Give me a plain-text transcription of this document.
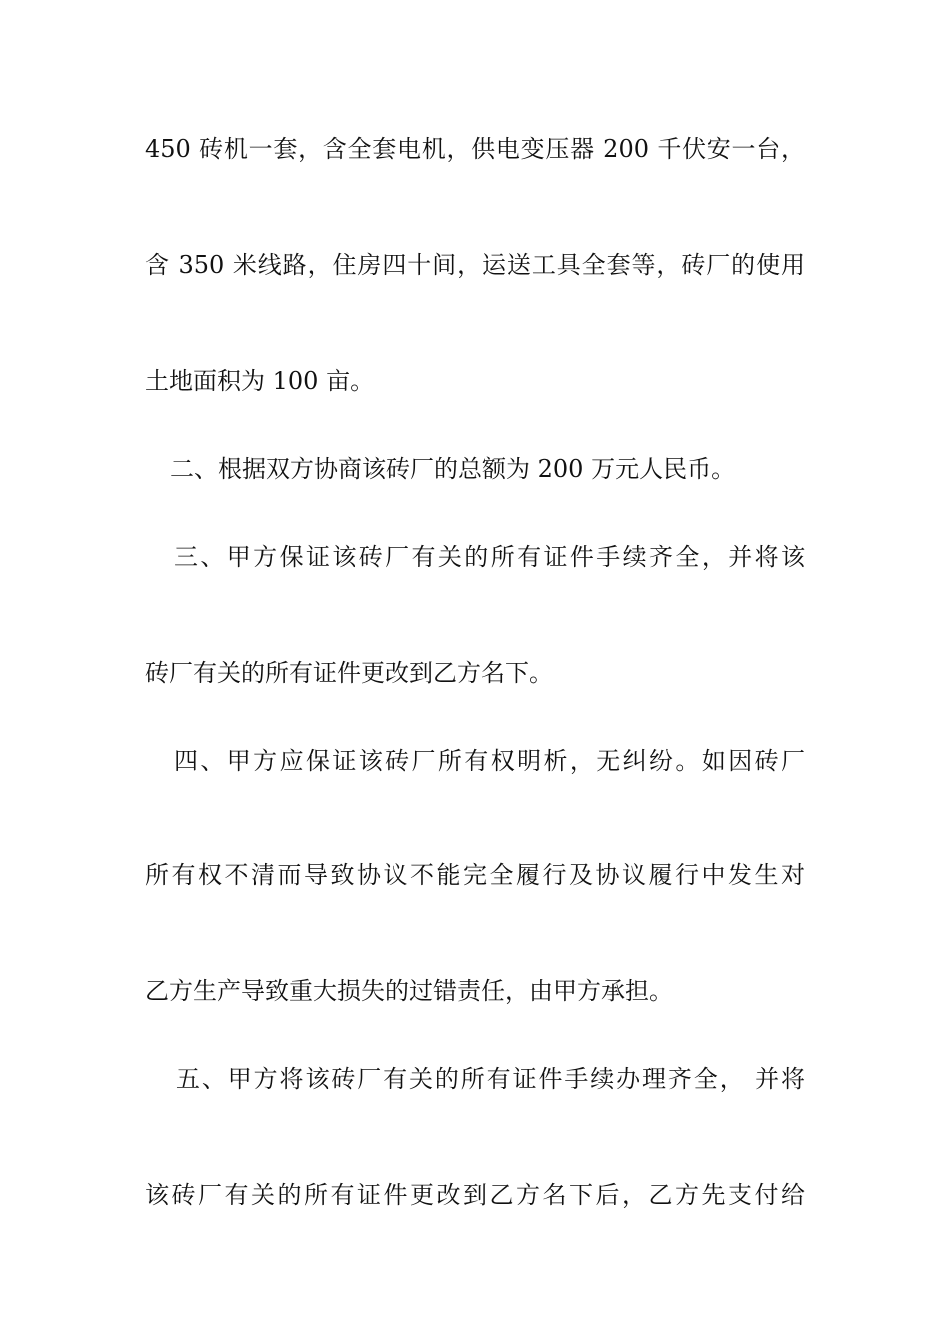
450 砖机一套，含全套电机，供电变压器 200 千伏安一台，
含 350 米线路，住房四十间，运送工具全套等，砖厂的使用
土地面积为 100 亩。
二、根据双方协商该砖厂的总额为 200 万元人民币。
三、甲方保证该砖厂有关的所有证件手续齐全，并将该
砖厂有关的所有证件更改到乙方名下。
四、甲方应保证该砖厂所有权明析，无纠纷。如因砖厂
所有权不清而导致协议不能完全履行及协议履行中发生对
乙方生产导致重大损失的过错责任，由甲方承担。
五、甲方将该砖厂有关的所有证件手续办理齐全， 并将
该砖厂有关的所有证件更改到乙方名下后，乙方先支付给
